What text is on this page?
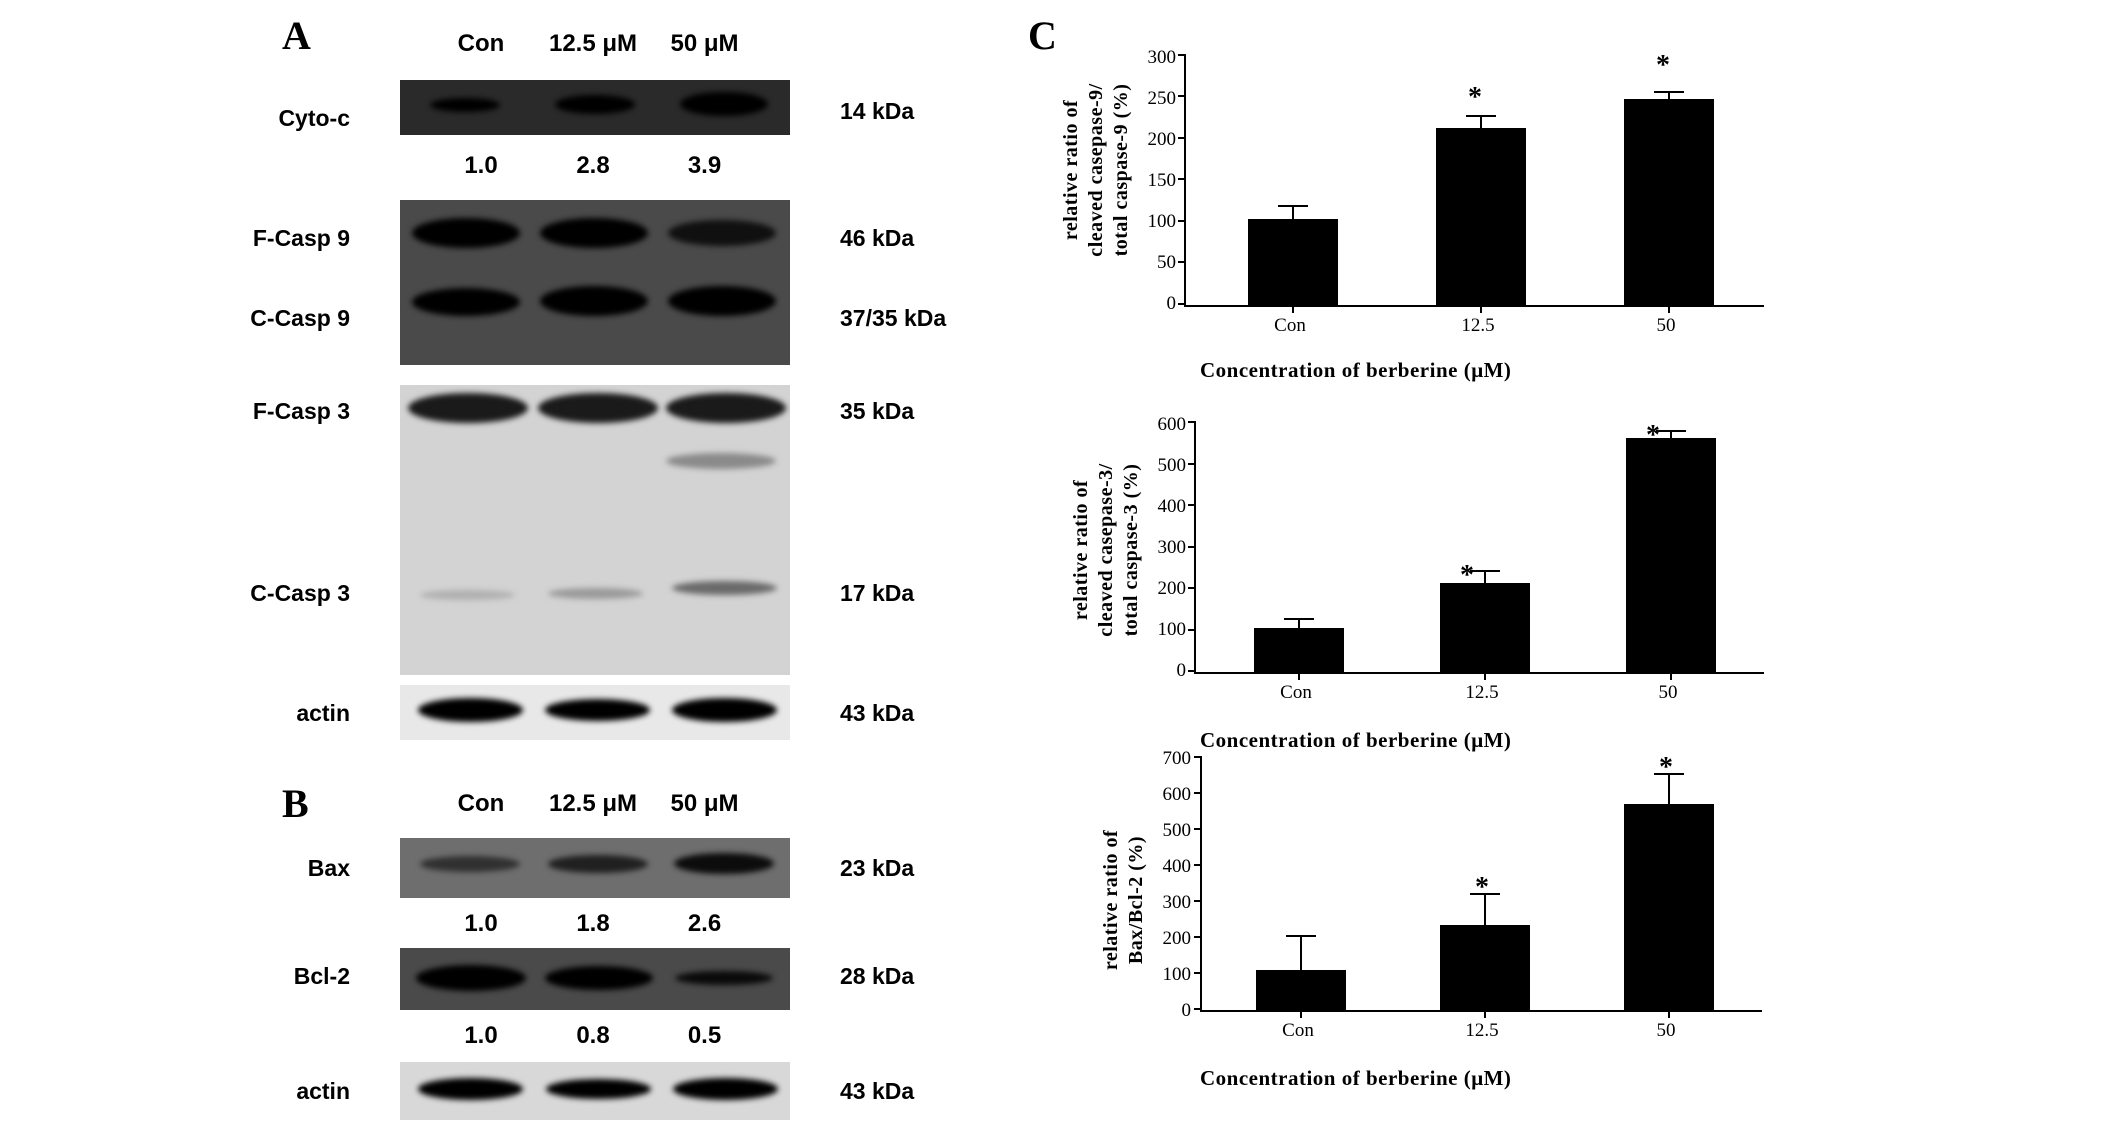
A	Con	12.5 μM	50 μM
Cyto-c	14 kDa
1.0	2.8	3.9
F-Casp 9	46 kDa
C-Casp 9	37/35 kDa
F-Casp 3	35 kDa
C-Casp 3	17 kDa
actin	43 kDa
B	Con	12.5 μM	50 μM
Bax	23 kDa
1.0	1.8	2.6
Bcl-2	28 kDa
1.0	0.8	0.5
actin	43 kDa
C
relative ratio of cleaved casepase-9/ total caspase-9 (%)
0
50
100
150
200
250
300
*
*
Con	12.5	50
Concentration of berberine (μM)
relative ratio of cleaved casepase-3/ total caspase-3 (%)
0
100
200
300
400
500
600
*
*
Con	12.5	50
Concentration of berberine (μM)
relative ratio of Bax/Bcl-2 (%)
0
100
200
300
400
500
600
700
*
*
Con	12.5	50
Concentration of berberine (μM)
